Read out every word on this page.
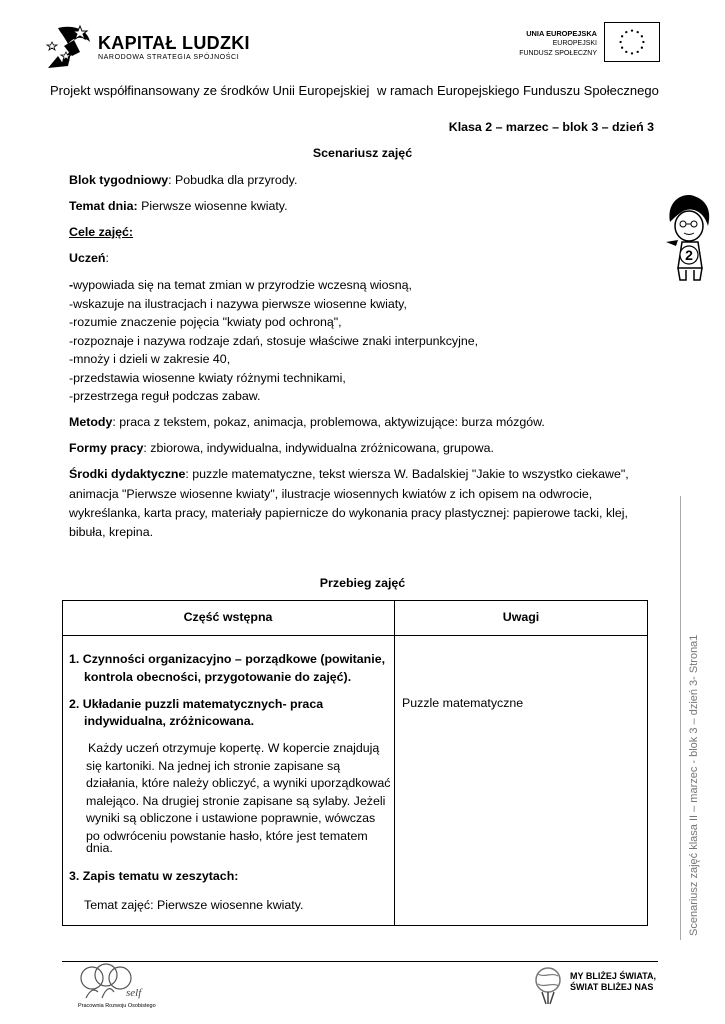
KAPITAŁ LUDZKI
NARODOWA STRATEGIA SPÓJNOŚCI
UNIA EUROPEJSKA
EUROPEJSKI
FUNDUSZ SPOŁECZNY
Projekt współfinansowany ze środków Unii Europejskiej w ramach Europejskiego Funduszu Społecznego
Klasa 2 – marzec – blok 3 – dzień 3
2
Scenariusz zajęć klasa II – marzec - blok 3 – dzień 3- Strona1
Scenariusz zajęć
Blok tygodniowy: Pobudka dla przyrody.
Temat dnia: Pierwsze wiosenne kwiaty.
Cele zajęć:
Uczeń:
-wypowiada się na temat zmian w przyrodzie wczesną wiosną,
-wskazuje na ilustracjach i nazywa pierwsze wiosenne kwiaty,
-rozumie znaczenie pojęcia "kwiaty pod ochroną",
-rozpoznaje i nazywa rodzaje zdań, stosuje właściwe znaki interpunkcyjne,
-mnoży i dzieli w zakresie 40,
-przedstawia wiosenne kwiaty różnymi technikami,
-przestrzega reguł podczas zabaw.
Metody: praca z tekstem, pokaz, animacja, problemowa, aktywizujące: burza mózgów.
Formy pracy: zbiorowa, indywidualna, indywidualna zróżnicowana, grupowa.
Środki dydaktyczne: puzzle matematyczne, tekst wiersza W. Badalskiej "Jakie to wszystko ciekawe",
animacja "Pierwsze wiosenne kwiaty", ilustracje wiosennych kwiatów z ich opisem na odwrocie,
wykreślanka, karta pracy, materiały papiernicze do wykonania pracy plastycznej: papierowe tacki, klej,
bibuła, krepina.
Przebieg zajęć
Część wstępna	Uwagi
1. Czynności organizacyjno – porządkowe (powitanie,
kontrola obecności, przygotowanie do zajęć).
2. Układanie puzzli matematycznych- praca
indywidualna, zróżnicowana.
Każdy uczeń otrzymuje kopertę. W kopercie znajdują
się kartoniki. Na jednej ich stronie zapisane są
działania, które należy obliczyć, a wyniki uporządkować
malejąco. Na drugiej stronie zapisane są sylaby. Jeżeli
wyniki są obliczone i ustawione poprawnie, wówczas
po odwróceniu powstanie hasło, które jest tematem
dnia.
3. Zapis tematu w zeszytach:
Temat zajęć: Pierwsze wiosenne kwiaty.
Puzzle matematyczne
self
Pracownia Rozwoju Osobistego
MY BLIŻEJ ŚWIATA,
ŚWIAT BLIŻEJ NAS
